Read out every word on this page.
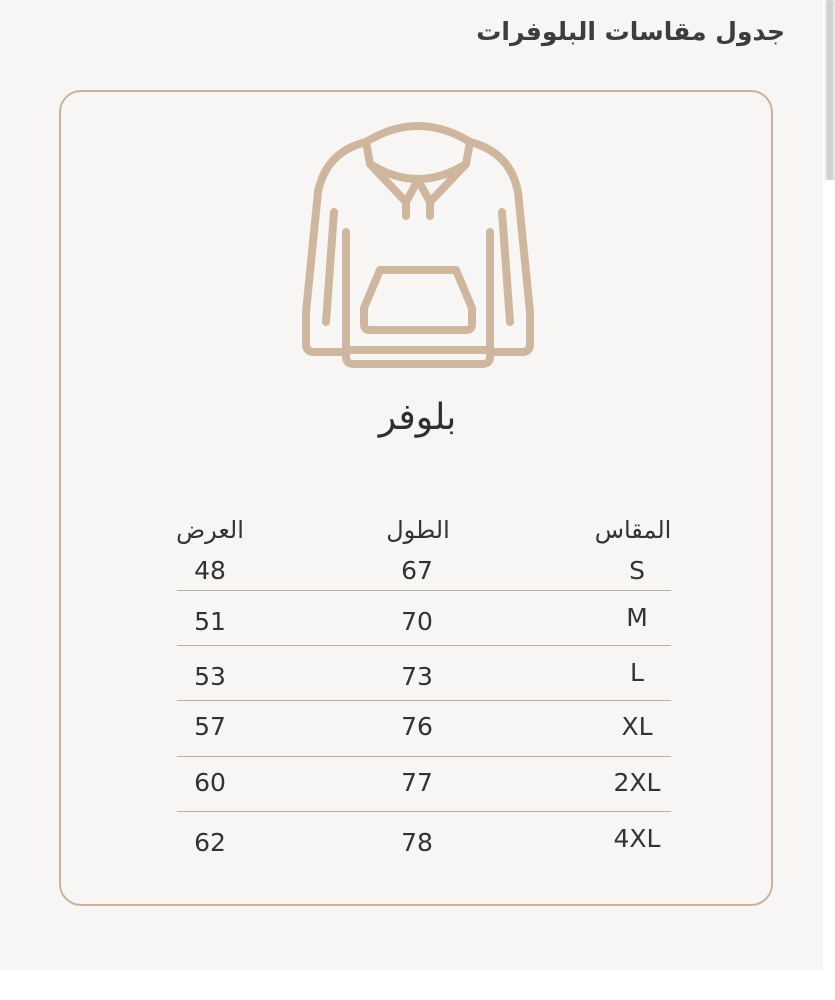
جدول مقاسات البلوفرات
بلوفر
المقاس
الطول
العرض
S
67
48
M
70
51
L
73
53
XL
76
57
2XL
77
60
4XL
78
62
